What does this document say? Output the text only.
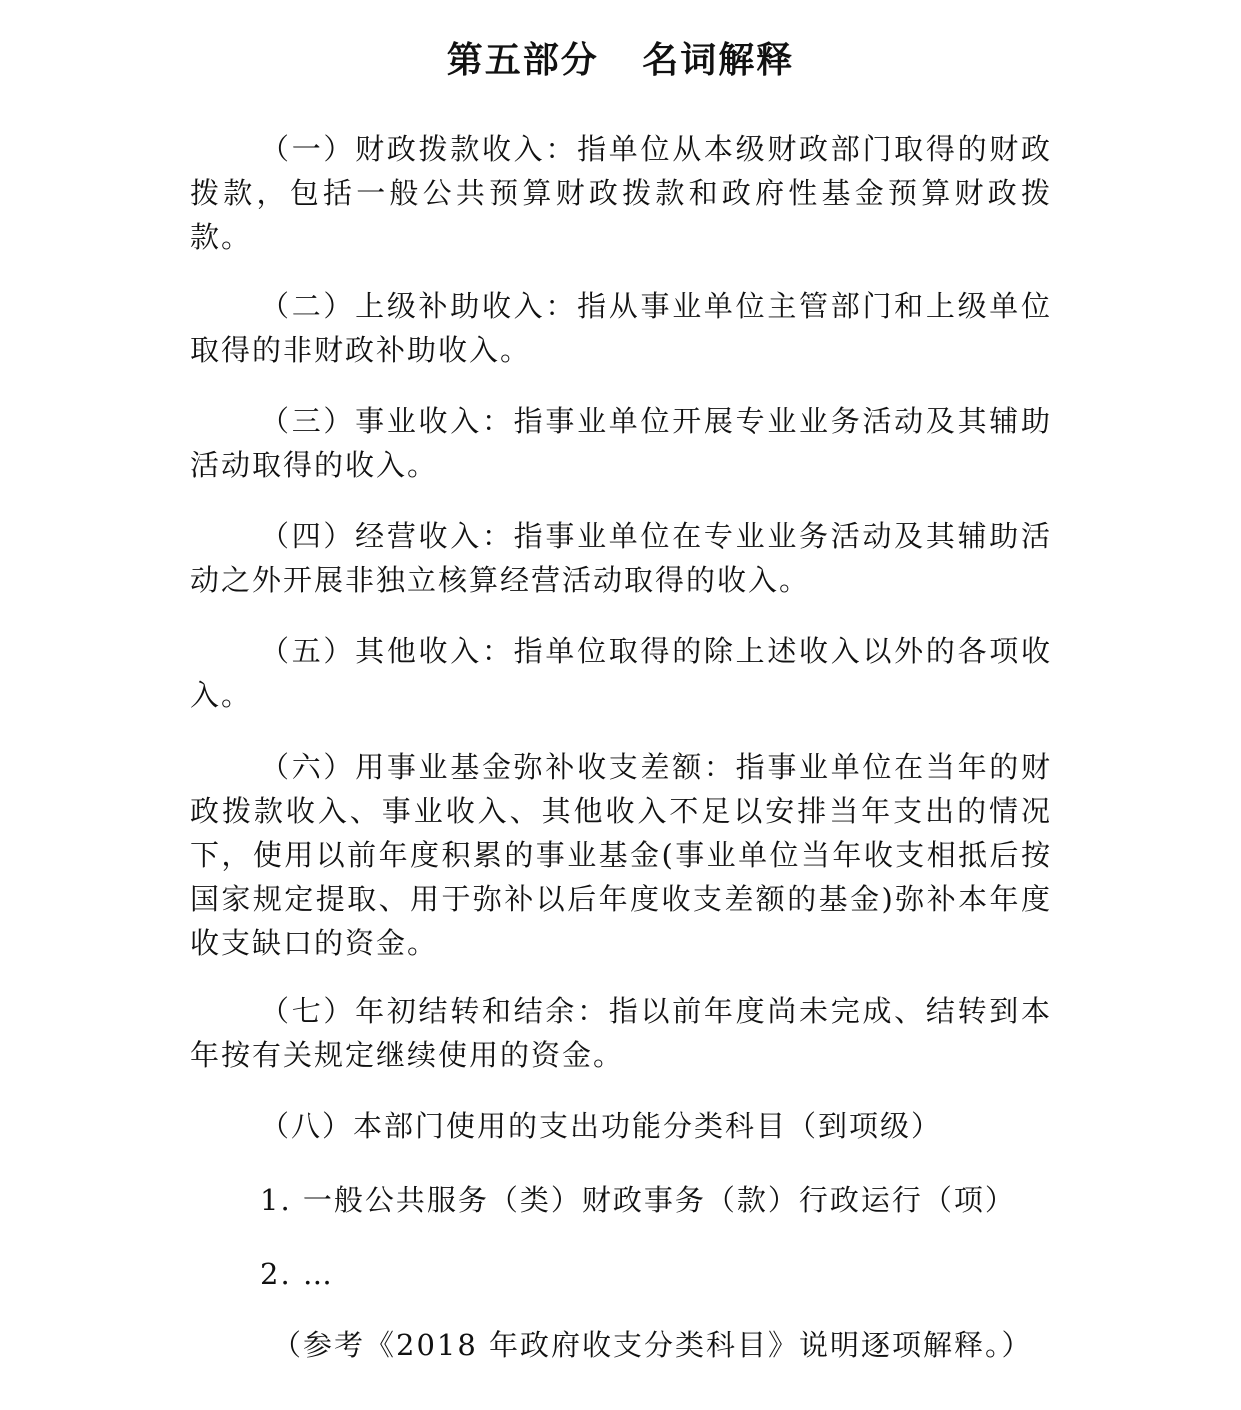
第五部分   名词解释

（一）财政拨款收入：指单位从本级财政部门取得的财政拨款，包括一般公共预算财政拨款和政府性基金预算财政拨款。

（二）上级补助收入：指从事业单位主管部门和上级单位取得的非财政补助收入。

（三）事业收入：指事业单位开展专业业务活动及其辅助活动取得的收入。

（四）经营收入：指事业单位在专业业务活动及其辅助活动之外开展非独立核算经营活动取得的收入。

（五）其他收入：指单位取得的除上述收入以外的各项收入。

（六）用事业基金弥补收支差额：指事业单位在当年的财政拨款收入、事业收入、其他收入不足以安排当年支出的情况下，使用以前年度积累的事业基金(事业单位当年收支相抵后按国家规定提取、用于弥补以后年度收支差额的基金)弥补本年度收支缺口的资金。

（七）年初结转和结余：指以前年度尚未完成、结转到本年按有关规定继续使用的资金。

（八）本部门使用的支出功能分类科目（到项级）

1. 一般公共服务（类）财政事务（款）行政运行（项）

2. …

（参考《2018 年政府收支分类科目》说明逐项解释。）
